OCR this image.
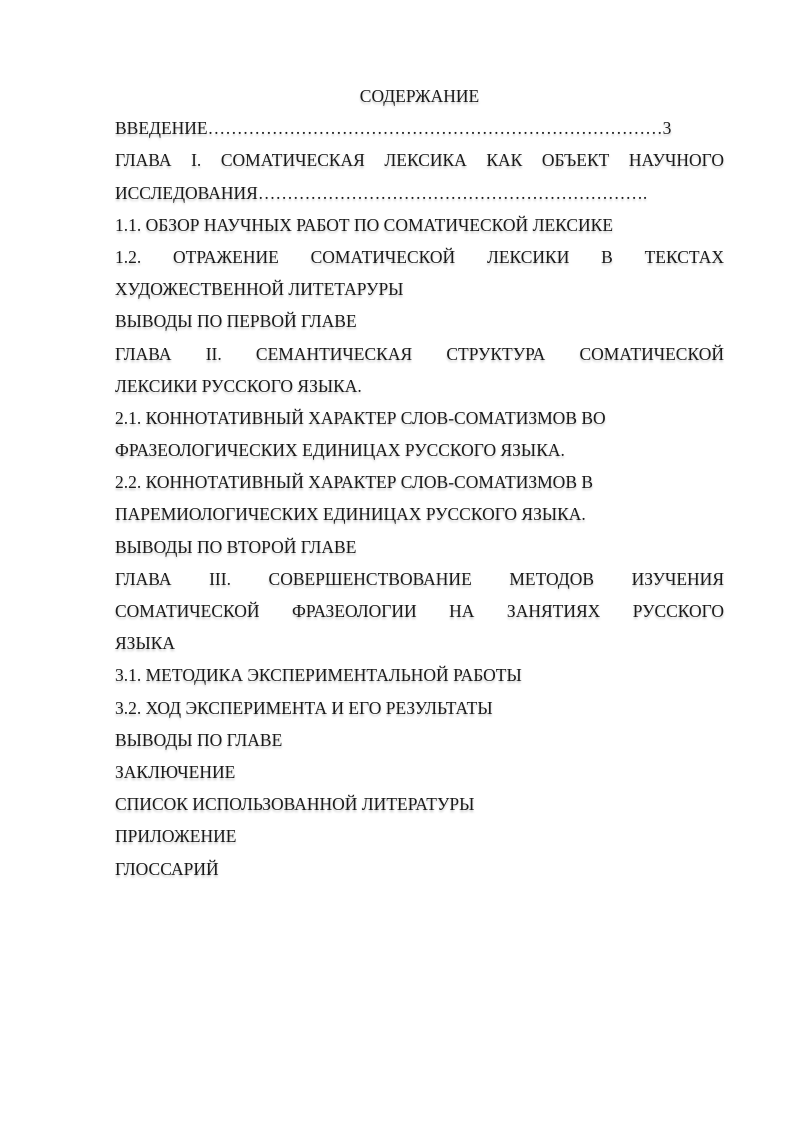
СОДЕРЖАНИЕ
ВВЕДЕНИЕ……………………………………………………………………3
ГЛАВА I. СОМАТИЧЕСКАЯ ЛЕКСИКА КАК ОБЪЕКТ НАУЧНОГО
ИССЛЕДОВАНИЯ………………………………………………………….
1.1. ОБЗОР НАУЧНЫХ РАБОТ ПО СОМАТИЧЕСКОЙ ЛЕКСИКЕ
1.2. ОТРАЖЕНИЕ СОМАТИЧЕСКОЙ ЛЕКСИКИ В ТЕКСТАХ
ХУДОЖЕСТВЕННОЙ ЛИТЕТАРУРЫ
ВЫВОДЫ ПО ПЕРВОЙ ГЛАВЕ
ГЛАВА II. СЕМАНТИЧЕСКАЯ СТРУКТУРА СОМАТИЧЕСКОЙ
ЛЕКСИКИ РУССКОГО ЯЗЫКА.
2.1. КОННОТАТИВНЫЙ ХАРАКТЕР СЛОВ-СОМАТИЗМОВ ВО
ФРАЗЕОЛОГИЧЕСКИХ ЕДИНИЦАХ РУССКОГО ЯЗЫКА.
2.2. КОННОТАТИВНЫЙ ХАРАКТЕР СЛОВ-СОМАТИЗМОВ В
ПАРЕМИОЛОГИЧЕСКИХ ЕДИНИЦАХ РУССКОГО ЯЗЫКА.
ВЫВОДЫ ПО ВТОРОЙ ГЛАВЕ
ГЛАВА III. СОВЕРШЕНСТВОВАНИЕ МЕТОДОВ ИЗУЧЕНИЯ
СОМАТИЧЕСКОЙ ФРАЗЕОЛОГИИ НА ЗАНЯТИЯХ РУССКОГО
ЯЗЫКА
3.1. МЕТОДИКА ЭКСПЕРИМЕНТАЛЬНОЙ РАБОТЫ
3.2. ХОД ЭКСПЕРИМЕНТА И ЕГО РЕЗУЛЬТАТЫ
ВЫВОДЫ ПО ГЛАВЕ
ЗАКЛЮЧЕНИЕ
СПИСОК ИСПОЛЬЗОВАННОЙ ЛИТЕРАТУРЫ
ПРИЛОЖЕНИЕ
ГЛОССАРИЙ
